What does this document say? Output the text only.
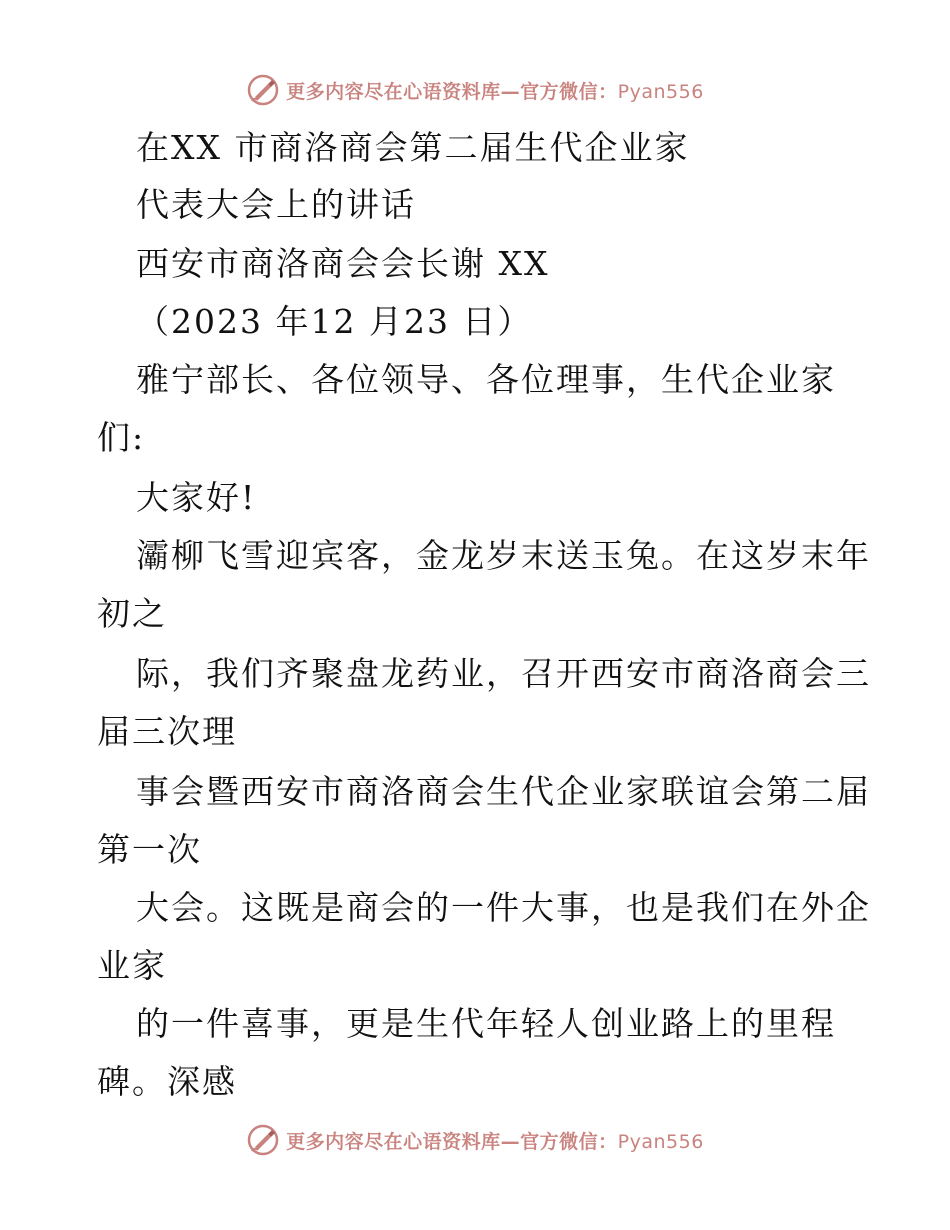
更多内容尽在心语资料库—官方微信：Pyan556
在XX 市商洛商会第二届生代企业家
代表大会上的讲话
西安市商洛商会会长谢 XX
（2023 年12 月23 日）
雅宁部长、各位领导、各位理事，生代企业家
们:
大家好!
灞柳飞雪迎宾客，金龙岁末送玉兔。在这岁末年
初之
际，我们齐聚盘龙药业，召开西安市商洛商会三
届三次理
事会暨西安市商洛商会生代企业家联谊会第二届
第一次
大会。这既是商会的一件大事，也是我们在外企
业家
的一件喜事，更是生代年轻人创业路上的里程
碑。深感
更多内容尽在心语资料库—官方微信：Pyan556
